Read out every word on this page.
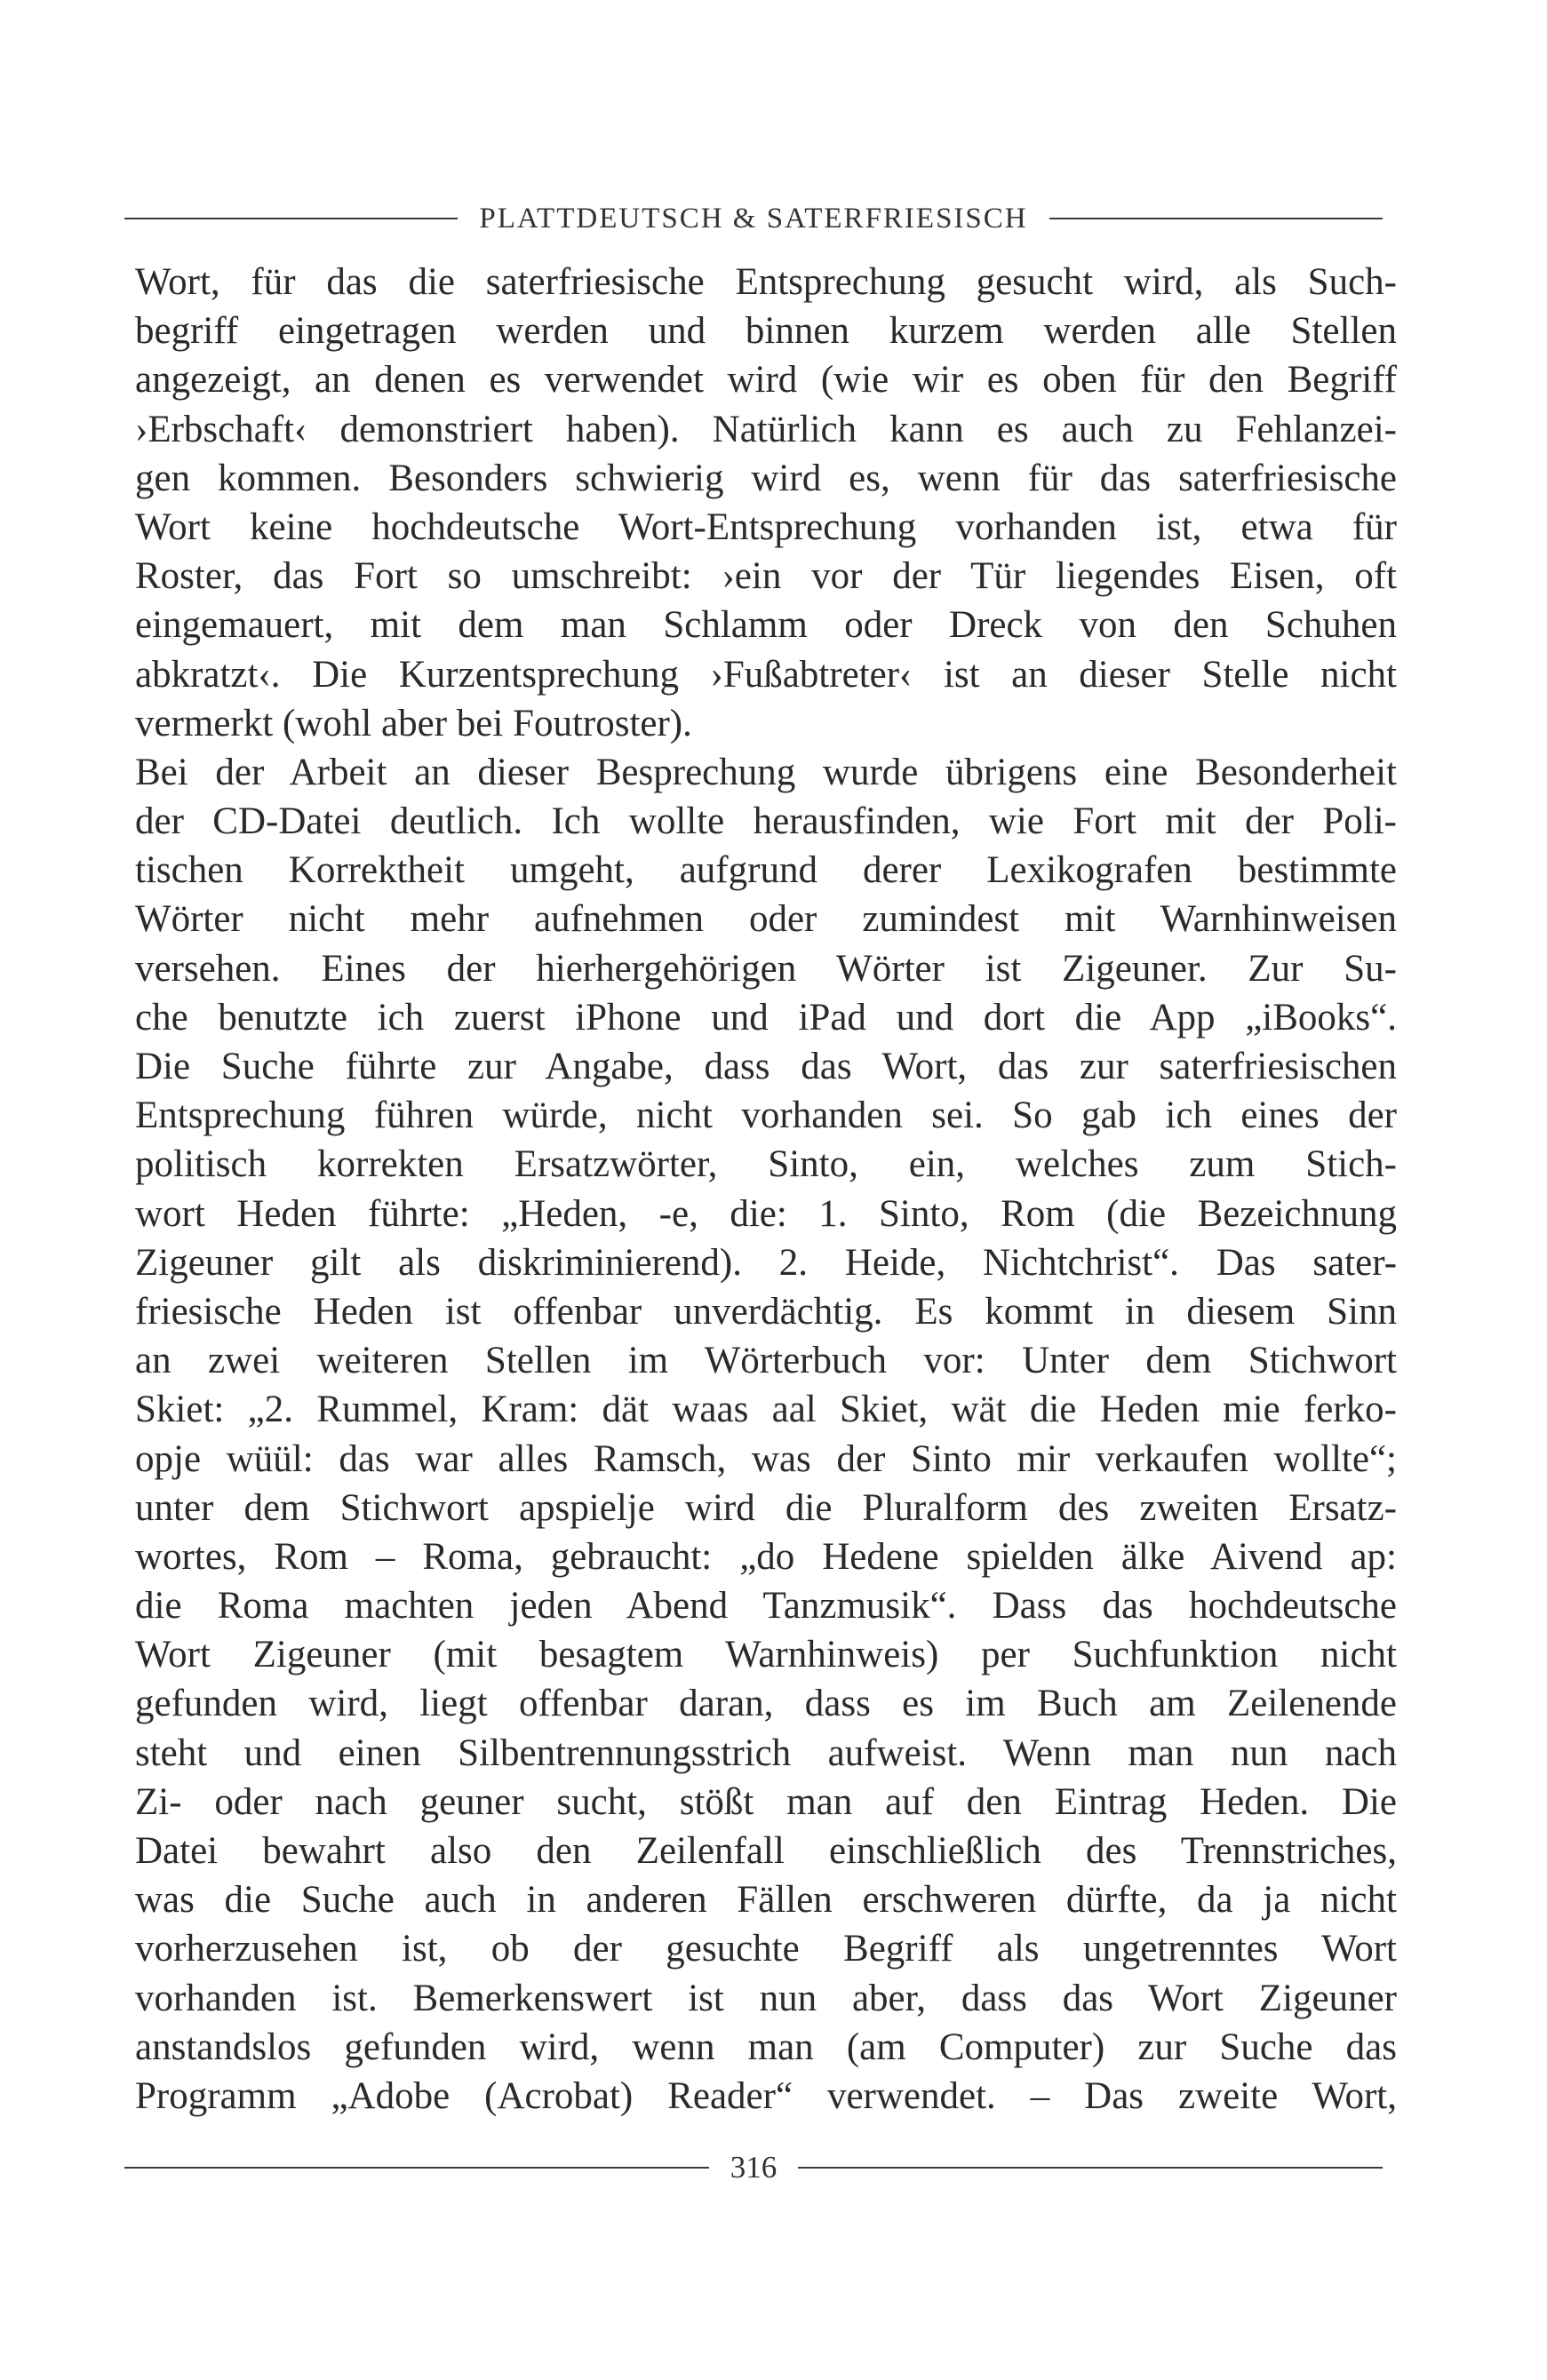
PLATTDEUTSCH & SATERFRIESISCH
Wort, für das die saterfriesische Entsprechung gesucht wird, als Such-
begriff eingetragen werden und binnen kurzem werden alle Stellen
angezeigt, an denen es verwendet wird (wie wir es oben für den Begriff
›Erbschaft‹ demonstriert haben). Natürlich kann es auch zu Fehlanzei-
gen kommen. Besonders schwierig wird es, wenn für das saterfriesische
Wort keine hochdeutsche Wort-Entsprechung vorhanden ist, etwa für
Roster, das Fort so umschreibt: ›ein vor der Tür liegendes Eisen, oft
eingemauert, mit dem man Schlamm oder Dreck von den Schuhen
abkratzt‹. Die Kurzentsprechung ›Fußabtreter‹ ist an dieser Stelle nicht
vermerkt (wohl aber bei Foutroster).
Bei der Arbeit an dieser Besprechung wurde übrigens eine Besonderheit
der CD-Datei deutlich. Ich wollte herausfinden, wie Fort mit der Poli-
tischen Korrektheit umgeht, aufgrund derer Lexikografen bestimmte
Wörter nicht mehr aufnehmen oder zumindest mit Warnhinweisen
versehen. Eines der hierhergehörigen Wörter ist Zigeuner. Zur Su-
che benutzte ich zuerst iPhone und iPad und dort die App „iBooks“.
Die Suche führte zur Angabe, dass das Wort, das zur saterfriesischen
Entsprechung führen würde, nicht vorhanden sei. So gab ich eines der
politisch korrekten Ersatzwörter, Sinto, ein, welches zum Stich-
wort Heden führte: „Heden, -e, die: 1. Sinto, Rom (die Bezeichnung
Zigeuner gilt als diskriminierend). 2. Heide, Nichtchrist“. Das sater-
friesische Heden ist offenbar unverdächtig. Es kommt in diesem Sinn
an zwei weiteren Stellen im Wörterbuch vor: Unter dem Stichwort
Skiet: „2. Rummel, Kram: dät waas aal Skiet, wät die Heden mie ferko-
opje wüül: das war alles Ramsch, was der Sinto mir verkaufen wollte“;
unter dem Stichwort apspielje wird die Pluralform des zweiten Ersatz-
wortes, Rom – Roma, gebraucht: „do Hedene spielden älke Aivend ap:
die Roma machten jeden Abend Tanzmusik“. Dass das hochdeutsche
Wort Zigeuner (mit besagtem Warnhinweis) per Suchfunktion nicht
gefunden wird, liegt offenbar daran, dass es im Buch am Zeilenende
steht und einen Silbentrennungsstrich aufweist. Wenn man nun nach
Zi- oder nach geuner sucht, stößt man auf den Eintrag Heden. Die
Datei bewahrt also den Zeilenfall einschließlich des Trennstriches,
was die Suche auch in anderen Fällen erschweren dürfte, da ja nicht
vorherzusehen ist, ob der gesuchte Begriff als ungetrenntes Wort
vorhanden ist. Bemerkenswert ist nun aber, dass das Wort Zigeuner
anstandslos gefunden wird, wenn man (am Computer) zur Suche das
Programm „Adobe (Acrobat) Reader“ verwendet. – Das zweite Wort,
316
